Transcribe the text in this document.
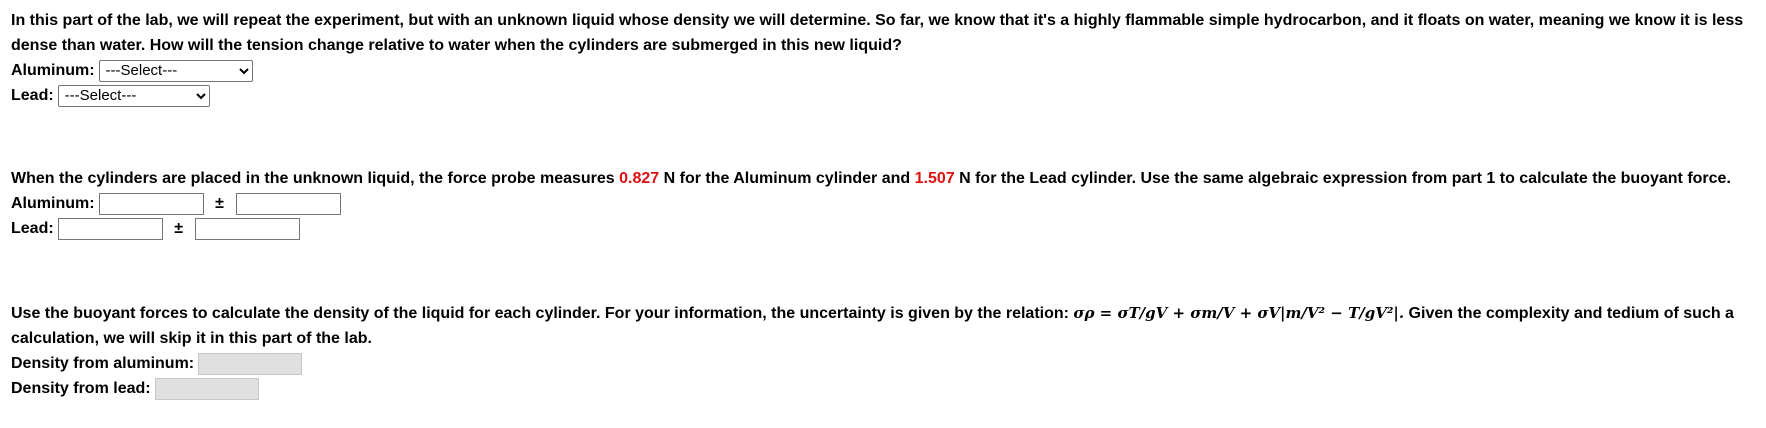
In this part of the lab, we will repeat the experiment, but with an unknown liquid whose density we will determine. So far, we know that it's a highly flammable simple hydrocarbon, and it floats on water, meaning we know it is less dense than water. How will the tension change relative to water when the cylinders are submerged in this new liquid?

Aluminum:
---Select---
Lead:
---Select---

When the cylinders are placed in the unknown liquid, the force probe measures 0.827 N for the Aluminum cylinder and 1.507 N for the Lead cylinder. Use the same algebraic expression from part 1 to calculate the buoyant force.

Aluminum:	±
Lead:	±

Use the buoyant forces to calculate the density of the liquid for each cylinder. For your information, the uncertainty is given by the relation: σρ = σT/gV + σm/V + σV|m/V² − T/gV²|. Given the complexity and tedium of such a calculation, we will skip it in this part of the lab.

Density from aluminum:
Density from lead:
